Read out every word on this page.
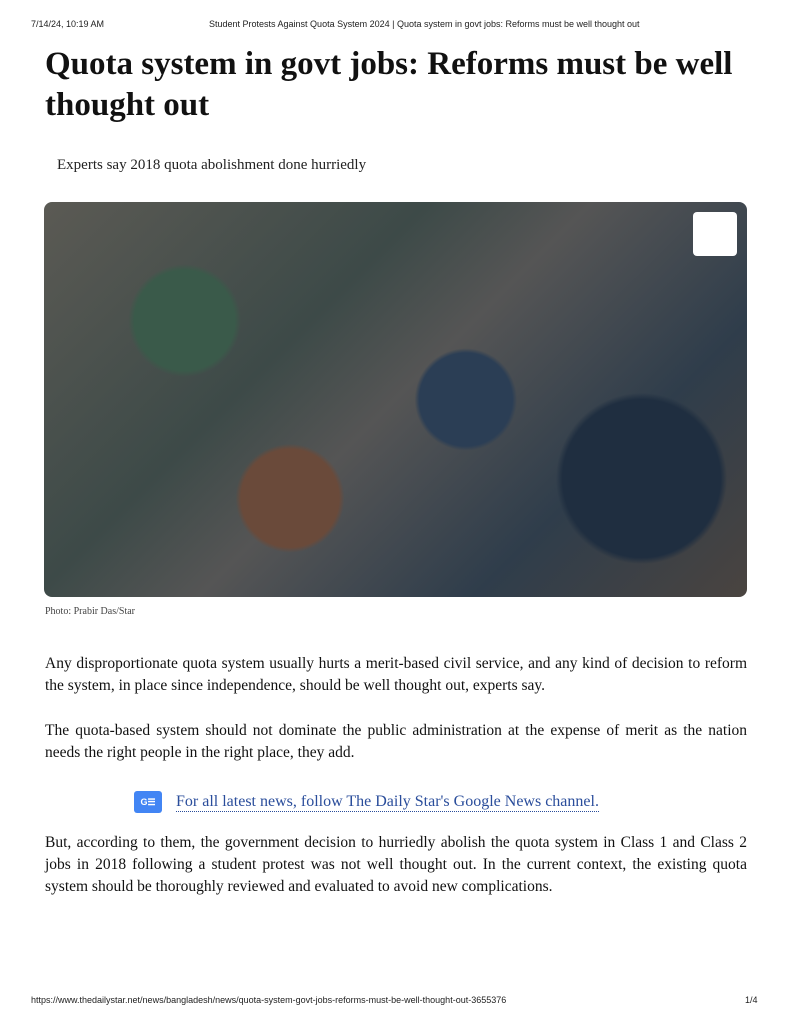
7/14/24, 10:19 AM	Student Protests Against Quota System 2024 | Quota system in govt jobs: Reforms must be well thought out
Quota system in govt jobs: Reforms must be well thought out
Experts say 2018 quota abolishment done hurriedly
Photo: Prabir Das/Star

Any disproportionate quota system usually hurts a merit-based civil service, and any kind of decision to reform the system, in place since independence, should be well thought out, experts say.

The quota-based system should not dominate the public administration at the expense of merit as the nation needs the right people in the right place, they add.

G☰	For all latest news, follow The Daily Star's Google News channel.

But, according to them, the government decision to hurriedly abolish the quota system in Class 1 and Class 2 jobs in 2018 following a student protest was not well thought out. In the current context, the existing quota system should be thoroughly reviewed and evaluated to avoid new complications.

https://www.thedailystar.net/news/bangladesh/news/quota-system-govt-jobs-reforms-must-be-well-thought-out-3655376	1/4
